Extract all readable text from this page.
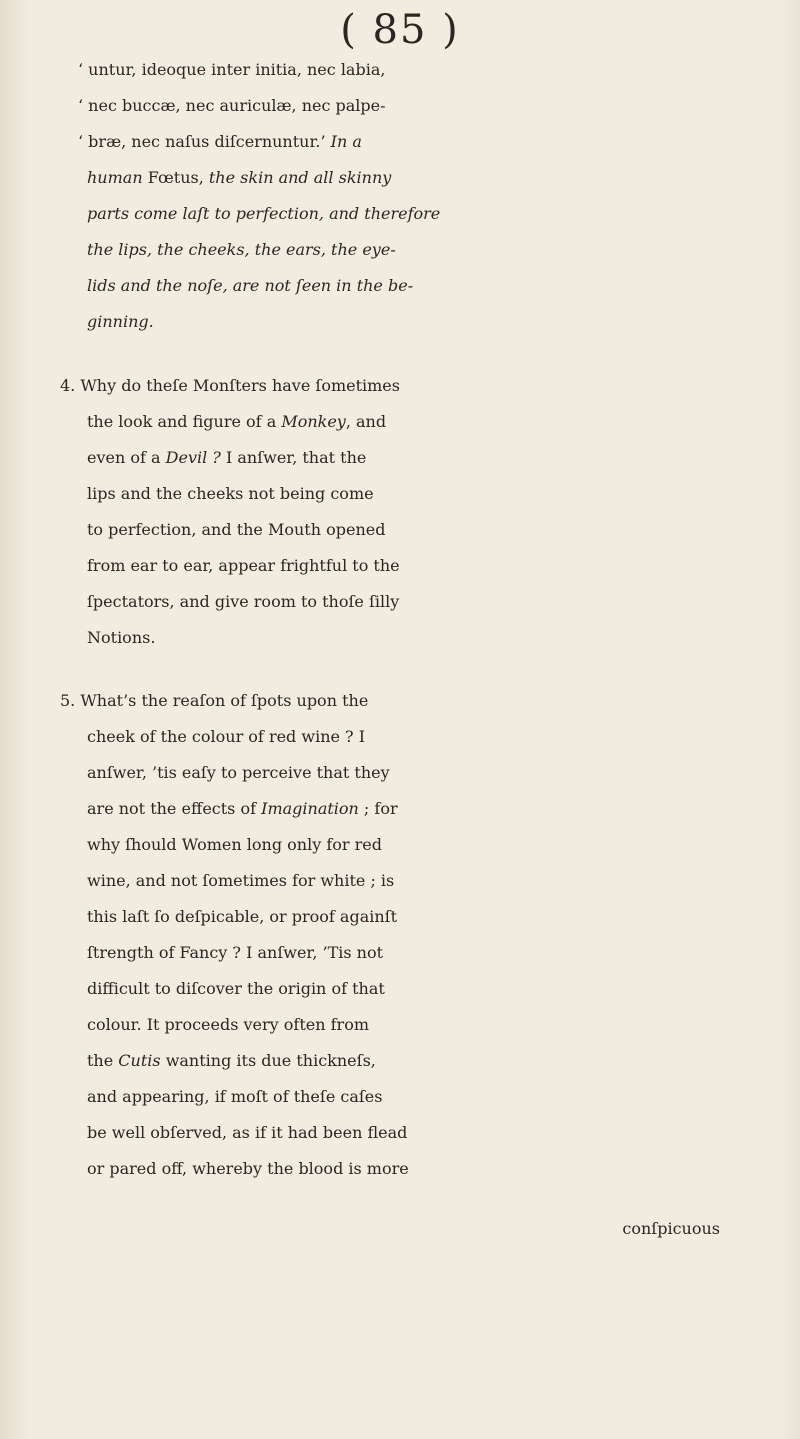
( 85 )
‘ untur, ideoque inter initia, nec labia,
‘ nec buccæ, nec auriculæ, nec palpe-
‘ bræ, nec naſus diſcernuntur.’ In a
human Fœtus, the skin and all skinny
parts come laſt to perfection, and therefore
the lips, the cheeks, the ears, the eye-
lids and the noſe, are not ſeen in the be-
ginning.
4. Why do theſe Monſters have ſometimes
the look and figure of a Monkey, and
even of a Devil ? I anſwer, that the
lips and the cheeks not being come
to perfection, and the Mouth opened
from ear to ear, appear frightful to the
ſpectators, and give room to thoſe ſilly
Notions.
5. What’s the reaſon of ſpots upon the
cheek of the colour of red wine ? I
anſwer, ’tis eaſy to perceive that they
are not the effects of Imagination ; for
why ſhould Women long only for red
wine, and not ſometimes for white ; is
this laſt ſo deſpicable, or proof againſt
ſtrength of Fancy ? I anſwer, ’Tis not
difficult to diſcover the origin of that
colour. It proceeds very often from
the Cutis wanting its due thickneſs,
and appearing, if moſt of theſe caſes
be well obſerved, as if it had been flead
or pared off, whereby the blood is more
conſpicuous
